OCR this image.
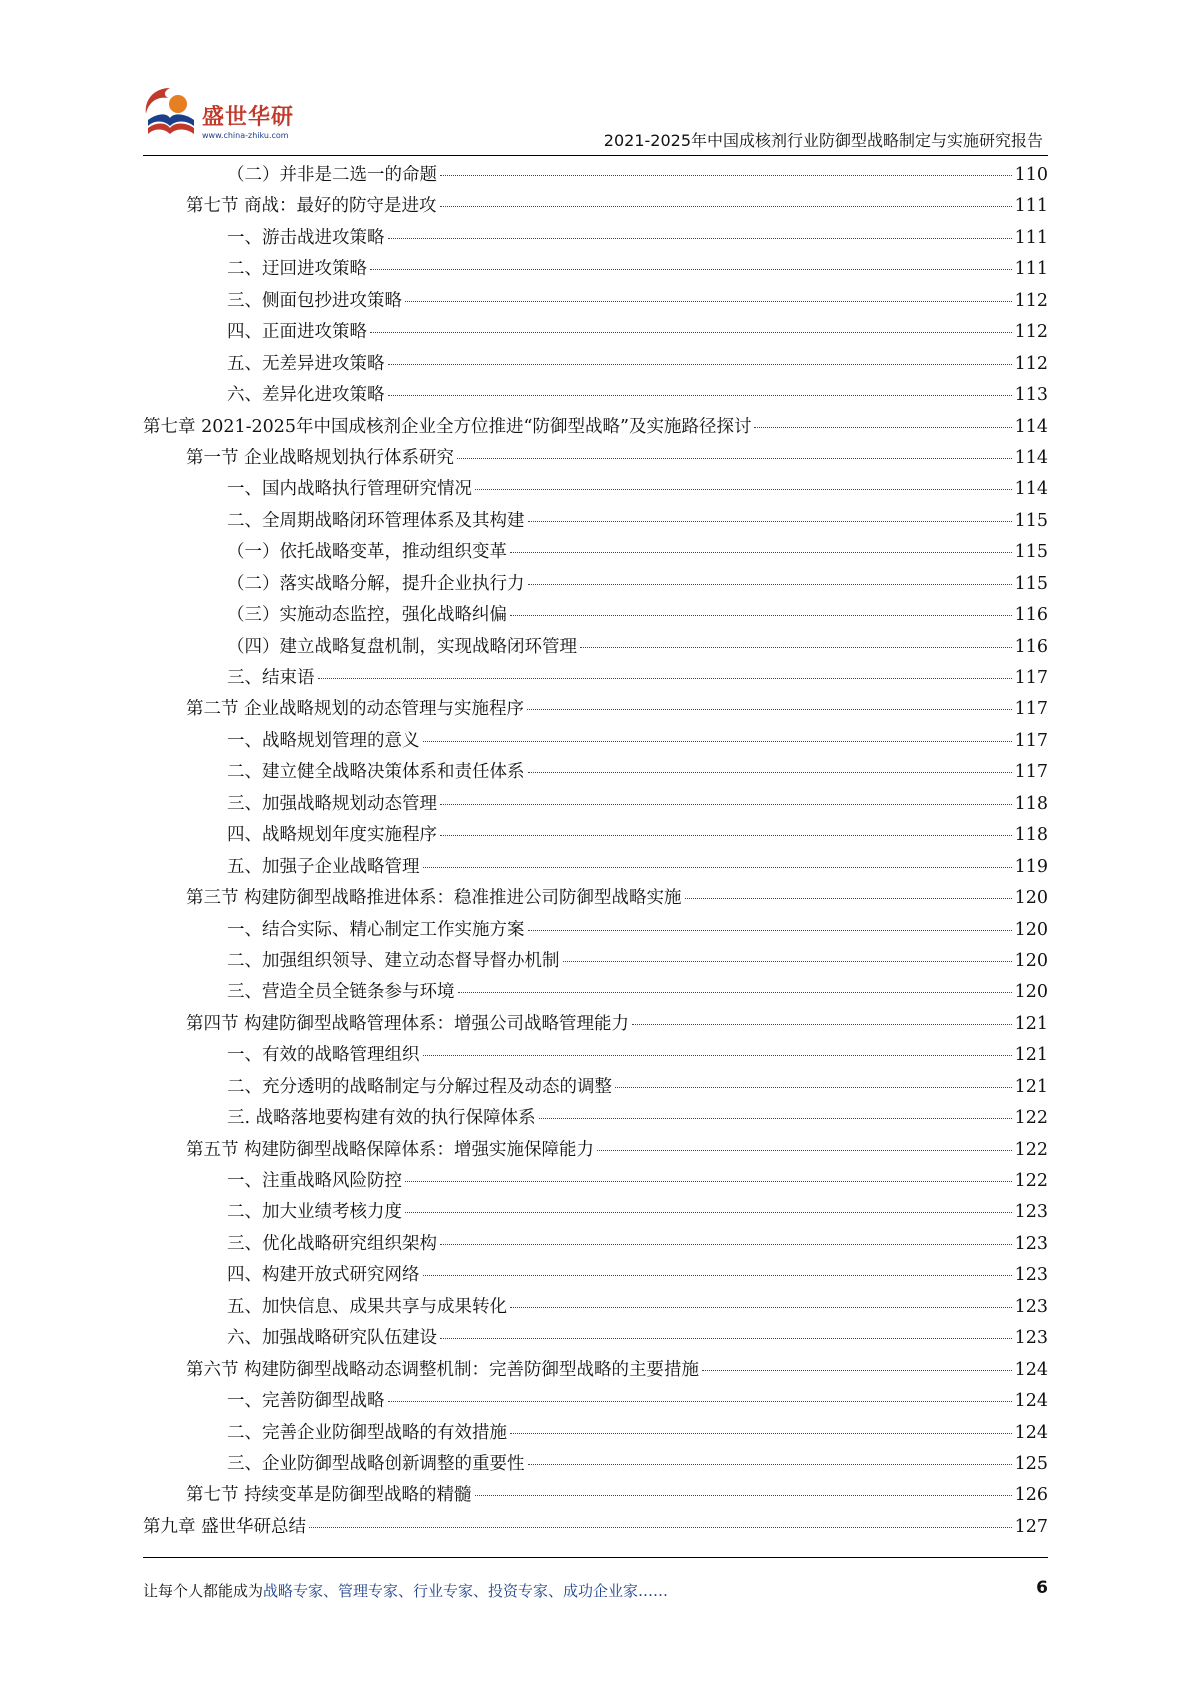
盛世华研
www.china-zhiku.com	2021-2025年中国成核剂行业防御型战略制定与实施研究报告
（二）并非是二选一的命题	110
第七节 商战：最好的防守是进攻	111
一、游击战进攻策略	111
二、迂回进攻策略	111
三、侧面包抄进攻策略	112
四、正面进攻策略	112
五、无差异进攻策略	112
六、差异化进攻策略	113
第七章 2021-2025年中国成核剂企业全方位推进“防御型战略”及实施路径探讨	114
第一节 企业战略规划执行体系研究	114
一、国内战略执行管理研究情况	114
二、全周期战略闭环管理体系及其构建	115
（一）依托战略变革，推动组织变革	115
（二）落实战略分解，提升企业执行力	115
（三）实施动态监控，强化战略纠偏	116
（四）建立战略复盘机制，实现战略闭环管理	116
三、结束语	117
第二节 企业战略规划的动态管理与实施程序	117
一、战略规划管理的意义	117
二、建立健全战略决策体系和责任体系	117
三、加强战略规划动态管理	118
四、战略规划年度实施程序	118
五、加强子企业战略管理	119
第三节 构建防御型战略推进体系：稳准推进公司防御型战略实施	120
一、结合实际、精心制定工作实施方案	120
二、加强组织领导、建立动态督导督办机制	120
三、营造全员全链条参与环境	120
第四节 构建防御型战略管理体系：增强公司战略管理能力	121
一、有效的战略管理组织	121
二、充分透明的战略制定与分解过程及动态的调整	121
三. 战略落地要构建有效的执行保障体系	122
第五节 构建防御型战略保障体系：增强实施保障能力	122
一、注重战略风险防控	122
二、加大业绩考核力度	123
三、优化战略研究组织架构	123
四、构建开放式研究网络	123
五、加快信息、成果共享与成果转化	123
六、加强战略研究队伍建设	123
第六节 构建防御型战略动态调整机制：完善防御型战略的主要措施	124
一、完善防御型战略	124
二、完善企业防御型战略的有效措施	124
三、企业防御型战略创新调整的重要性	125
第七节 持续变革是防御型战略的精髓	126
第九章 盛世华研总结	127
让每个人都能成为战略专家、管理专家、行业专家、投资专家、成功企业家……	6
